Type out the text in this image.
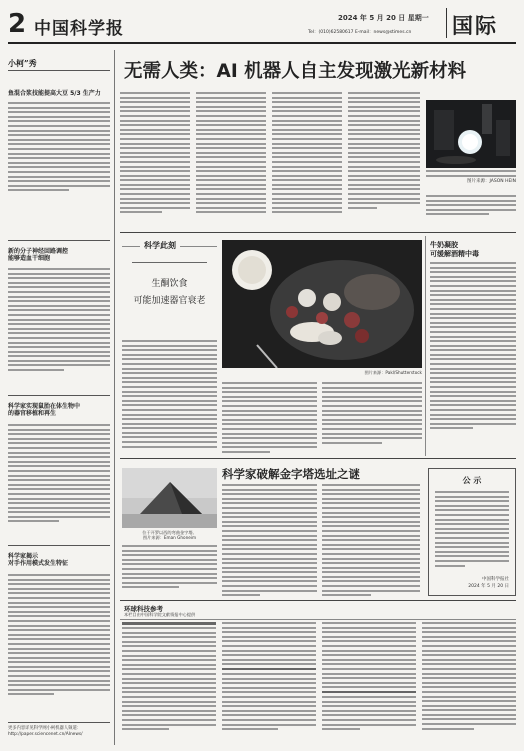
2 中国科学报
2024 年 5 月 20 日 星期一
Tel：(010)62580617 E-mail：news@stimes.cn 国际
小柯”秀
鱼混合浆技能提高大豆 5/3 生产力
新的分子神经回路调控
能够造血干细胞
科学家实现鼠胎在体生物中
的器官移植和再生
科学家揭示
对手作用模式发生特征
更多内容详见科学网小柯机器人频道：
http://paper.sciencenet.cn/AInews/
无需人类：AI 机器人自主发现激光新材料
图片来源：JASON HEIN
科学此刻
生酮饮食
可能加速器官衰老
图片来源：Pakl/Shutterstock
牛奶凝胶
可缓解酒精中毒
科学家破解金字塔选址之谜
位于开罗以西的弯曲金字塔。
图片来源：Eman Ghoneim
公 示
中国科学报社
2024 年 5 月 20 日
环球科技参考
本栏目由中国科学院文献情报中心提供
